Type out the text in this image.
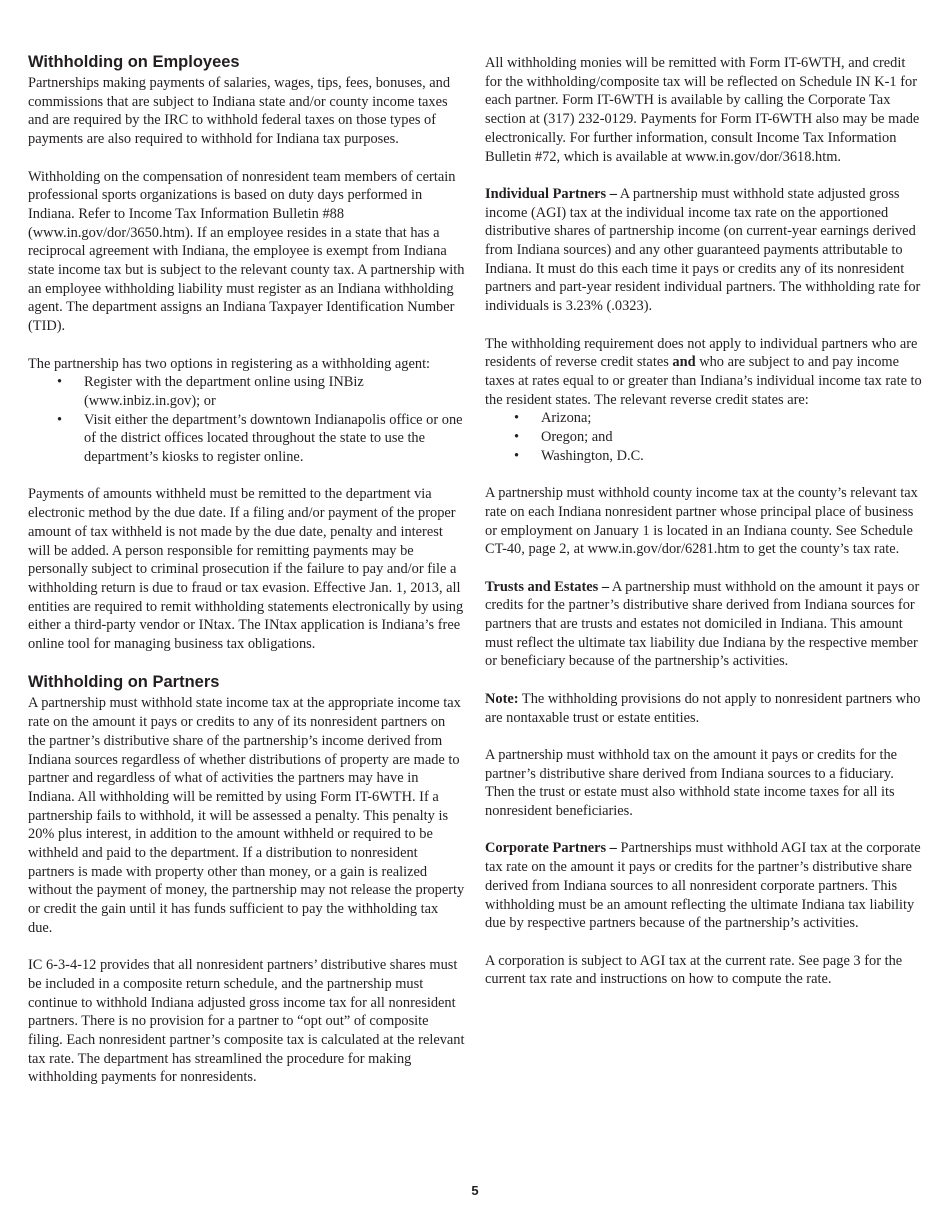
Withholding on Employees

Partnerships making payments of salaries, wages, tips, fees, bonuses, and commissions that are subject to Indiana state and/or county income taxes and are required by the IRC to withhold federal taxes on those types of payments are also required to withhold for Indiana tax purposes.

Withholding on the compensation of nonresident team members of certain professional sports organizations is based on duty days performed in Indiana. Refer to Income Tax Information Bulletin #88 (www.in.gov/dor/3650.htm). If an employee resides in a state that has a reciprocal agreement with Indiana, the employee is exempt from Indiana state income tax but is subject to the relevant county tax. A partnership with an employee withholding liability must register as an Indiana withholding agent. The department assigns an Indiana Taxpayer Identification Number (TID).

The partnership has two options in registering as a withholding agent:

• Register with the department online using INBiz (www.inbiz.in.gov); or
• Visit either the department’s downtown Indianapolis office or one of the district offices located throughout the state to use the department’s kiosks to register online.

Payments of amounts withheld must be remitted to the department via electronic method by the due date. If a filing and/or payment of the proper amount of tax withheld is not made by the due date, penalty and interest will be added. A person responsible for remitting payments may be personally subject to criminal prosecution if the failure to pay and/or file a withholding return is due to fraud or tax evasion. Effective Jan. 1, 2013, all entities are required to remit withholding statements electronically by using either a third-party vendor or INtax. The INtax application is Indiana’s free online tool for managing business tax obligations.

Withholding on Partners

A partnership must withhold state income tax at the appropriate income tax rate on the amount it pays or credits to any of its nonresident partners on the partner’s distributive share of the partnership’s income derived from Indiana sources regardless of whether distributions of property are made to partner and regardless of what of activities the partners may have in Indiana. All withholding will be remitted by using Form IT-6WTH. If a partnership fails to withhold, it will be assessed a penalty. This penalty is 20% plus interest, in addition to the amount withheld or required to be withheld and paid to the department. If a distribution to nonresident partners is made with property other than money, or a gain is realized without the payment of money, the partnership may not release the property or credit the gain until it has funds sufficient to pay the withholding tax due.

IC 6-3-4-12 provides that all nonresident partners’ distributive shares must be included in a composite return schedule, and the partnership must continue to withhold Indiana adjusted gross income tax for all nonresident partners. There is no provision for a partner to “opt out” of composite filing. Each nonresident partner’s composite tax is calculated at the relevant tax rate. The department has streamlined the procedure for making withholding payments for nonresidents.

All withholding monies will be remitted with Form IT-6WTH, and credit for the withholding/composite tax will be reflected on Schedule IN K-1 for each partner. Form IT-6WTH is available by calling the Corporate Tax section at (317) 232-0129. Payments for Form IT-6WTH also may be made electronically. For further information, consult Income Tax Information Bulletin #72, which is available at www.in.gov/dor/3618.htm.

Individual Partners – A partnership must withhold state adjusted gross income (AGI) tax at the individual income tax rate on the apportioned distributive shares of partnership income (on current-year earnings derived from Indiana sources) and any other guaranteed payments attributable to Indiana. It must do this each time it pays or credits any of its nonresident partners and part-year resident individual partners. The withholding rate for individuals is 3.23% (.0323).

The withholding requirement does not apply to individual partners who are residents of reverse credit states and who are subject to and pay income taxes at rates equal to or greater than Indiana’s individual income tax rate to the resident states. The relevant reverse credit states are:

• Arizona;
• Oregon; and
• Washington, D.C.

A partnership must withhold county income tax at the county’s relevant tax rate on each Indiana nonresident partner whose principal place of business or employment on January 1 is located in an Indiana county. See Schedule CT-40, page 2, at www.in.gov/dor/6281.htm to get the county’s tax rate.

Trusts and Estates – A partnership must withhold on the amount it pays or credits for the partner’s distributive share derived from Indiana sources for partners that are trusts and estates not domiciled in Indiana. This amount must reflect the ultimate tax liability due Indiana by the respective member or beneficiary because of the partnership’s activities.

Note: The withholding provisions do not apply to nonresident partners who are nontaxable trust or estate entities.

A partnership must withhold tax on the amount it pays or credits for the partner’s distributive share derived from Indiana sources to a fiduciary. Then the trust or estate must also withhold state income taxes for all its nonresident beneficiaries.

Corporate Partners – Partnerships must withhold AGI tax at the corporate tax rate on the amount it pays or credits for the partner’s distributive share derived from Indiana sources to all nonresident corporate partners. This withholding must be an amount reflecting the ultimate Indiana tax liability due by respective partners because of the partnership’s activities.

A corporation is subject to AGI tax at the current rate. See page 3 for the current tax rate and instructions on how to compute the rate.

5
